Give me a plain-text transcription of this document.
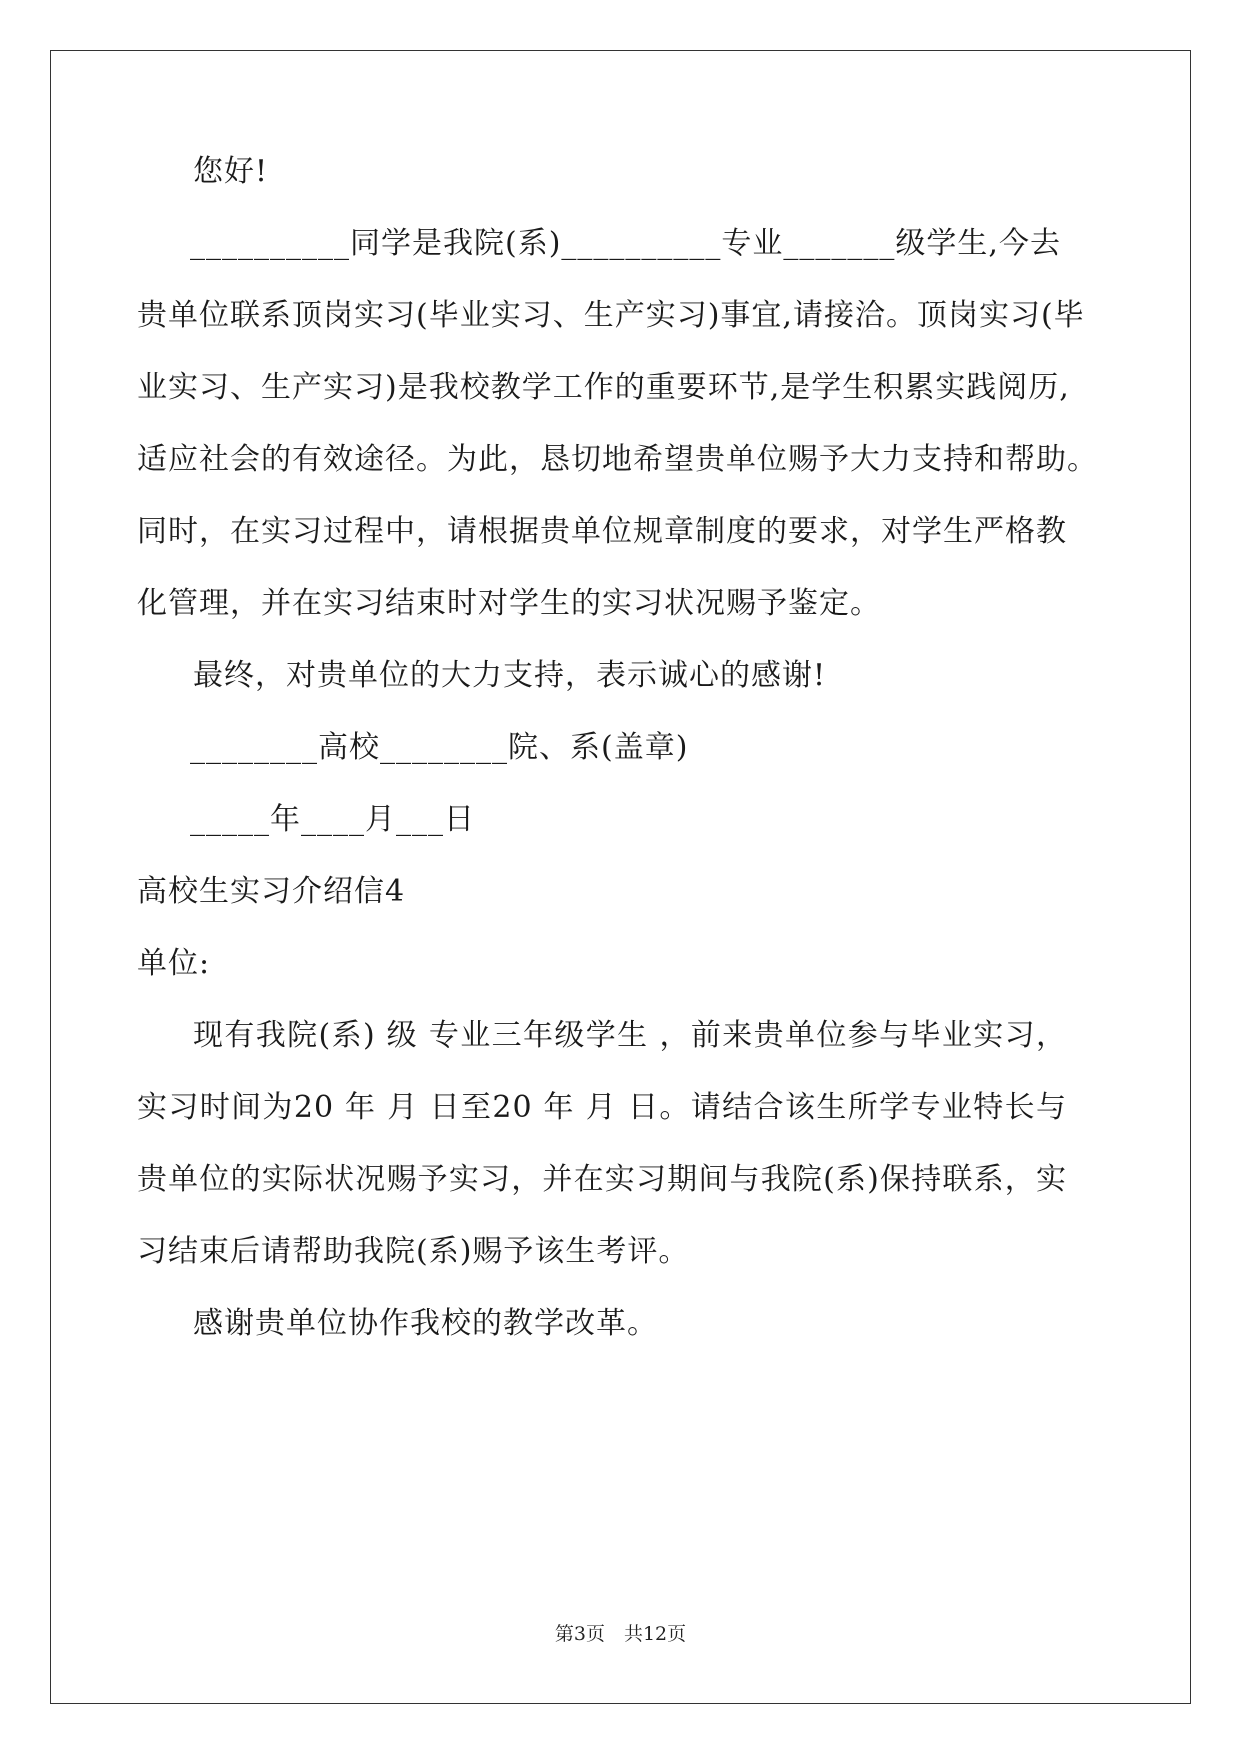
您好!
__________同学是我院(系)__________专业_______级学生,今去
贵单位联系顶岗实习(毕业实习、生产实习)事宜,请接洽。顶岗实习(毕
业实习、生产实习)是我校教学工作的重要环节,是学生积累实践阅历,
适应社会的有效途径。为此，恳切地希望贵单位赐予大力支持和帮助。
同时，在实习过程中，请根据贵单位规章制度的要求，对学生严格教
化管理，并在实习结束时对学生的实习状况赐予鉴定。
最终，对贵单位的大力支持，表示诚心的感谢!
________高校________院、系(盖章)
_____年____月___日
高校生实习介绍信4
单位:
现有我院(系) 级 专业三年级学生 ，前来贵单位参与毕业实习，
实习时间为20 年 月 日至20 年 月 日。请结合该生所学专业特长与
贵单位的实际状况赐予实习，并在实习期间与我院(系)保持联系，实
习结束后请帮助我院(系)赐予该生考评。
感谢贵单位协作我校的教学改革。
第3页　共12页
